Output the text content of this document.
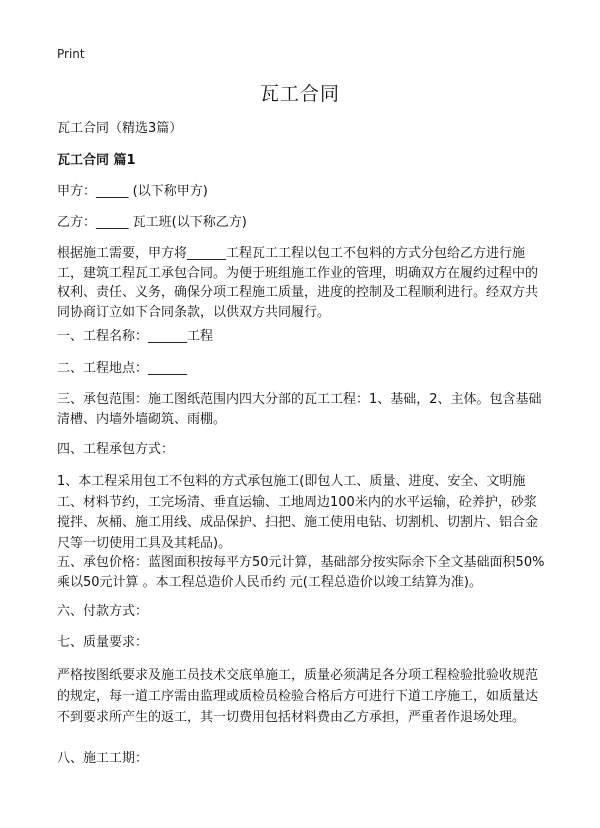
Print
瓦工合同

瓦工合同（精选3篇）

瓦工合同 篇1

甲方：_____ (以下称甲方)

乙方：_____ 瓦工班(以下称乙方)

根据施工需要，甲方将______工程瓦工工程以包工不包料的方式分包给乙方进行施工，建筑工程瓦工承包合同。为便于班组施工作业的管理，明确双方在履约过程中的权利、责任、义务，确保分项工程施工质量，进度的控制及工程顺利进行。经双方共同协商订立如下合同条款，以供双方共同履行。

一、工程名称：______工程

二、工程地点：______

三、承包范围：施工图纸范围内四大分部的瓦工工程：1、基础，2、主体。包含基础清槽、内墙外墙砌筑、雨棚。

四、工程承包方式：

1、本工程采用包工不包料的方式承包施工(即包人工、质量、进度、安全、文明施工、材料节约，工完场清、垂直运输、工地周边100米内的水平运输，砼养护，砂浆搅拌、灰桶、施工用线、成品保护、扫把、施工使用电钻、切割机、切割片、铝合金尺等一切使用工具及其耗品)。

五、承包价格：蓝图面积按每平方50元计算，基础部分按实际余下全文基础面积50%乘以50元计算 。本工程总造价人民币约 元(工程总造价以竣工结算为准)。

六、付款方式：

七、质量要求：

严格按图纸要求及施工员技术交底单施工，质量必须满足各分项工程检验批验收规范的规定，每一道工序需由监理或质检员检验合格后方可进行下道工序施工，如质量达不到要求所产生的返工，其一切费用包括材料费由乙方承担，严重者作退场处理。

八、施工工期：
